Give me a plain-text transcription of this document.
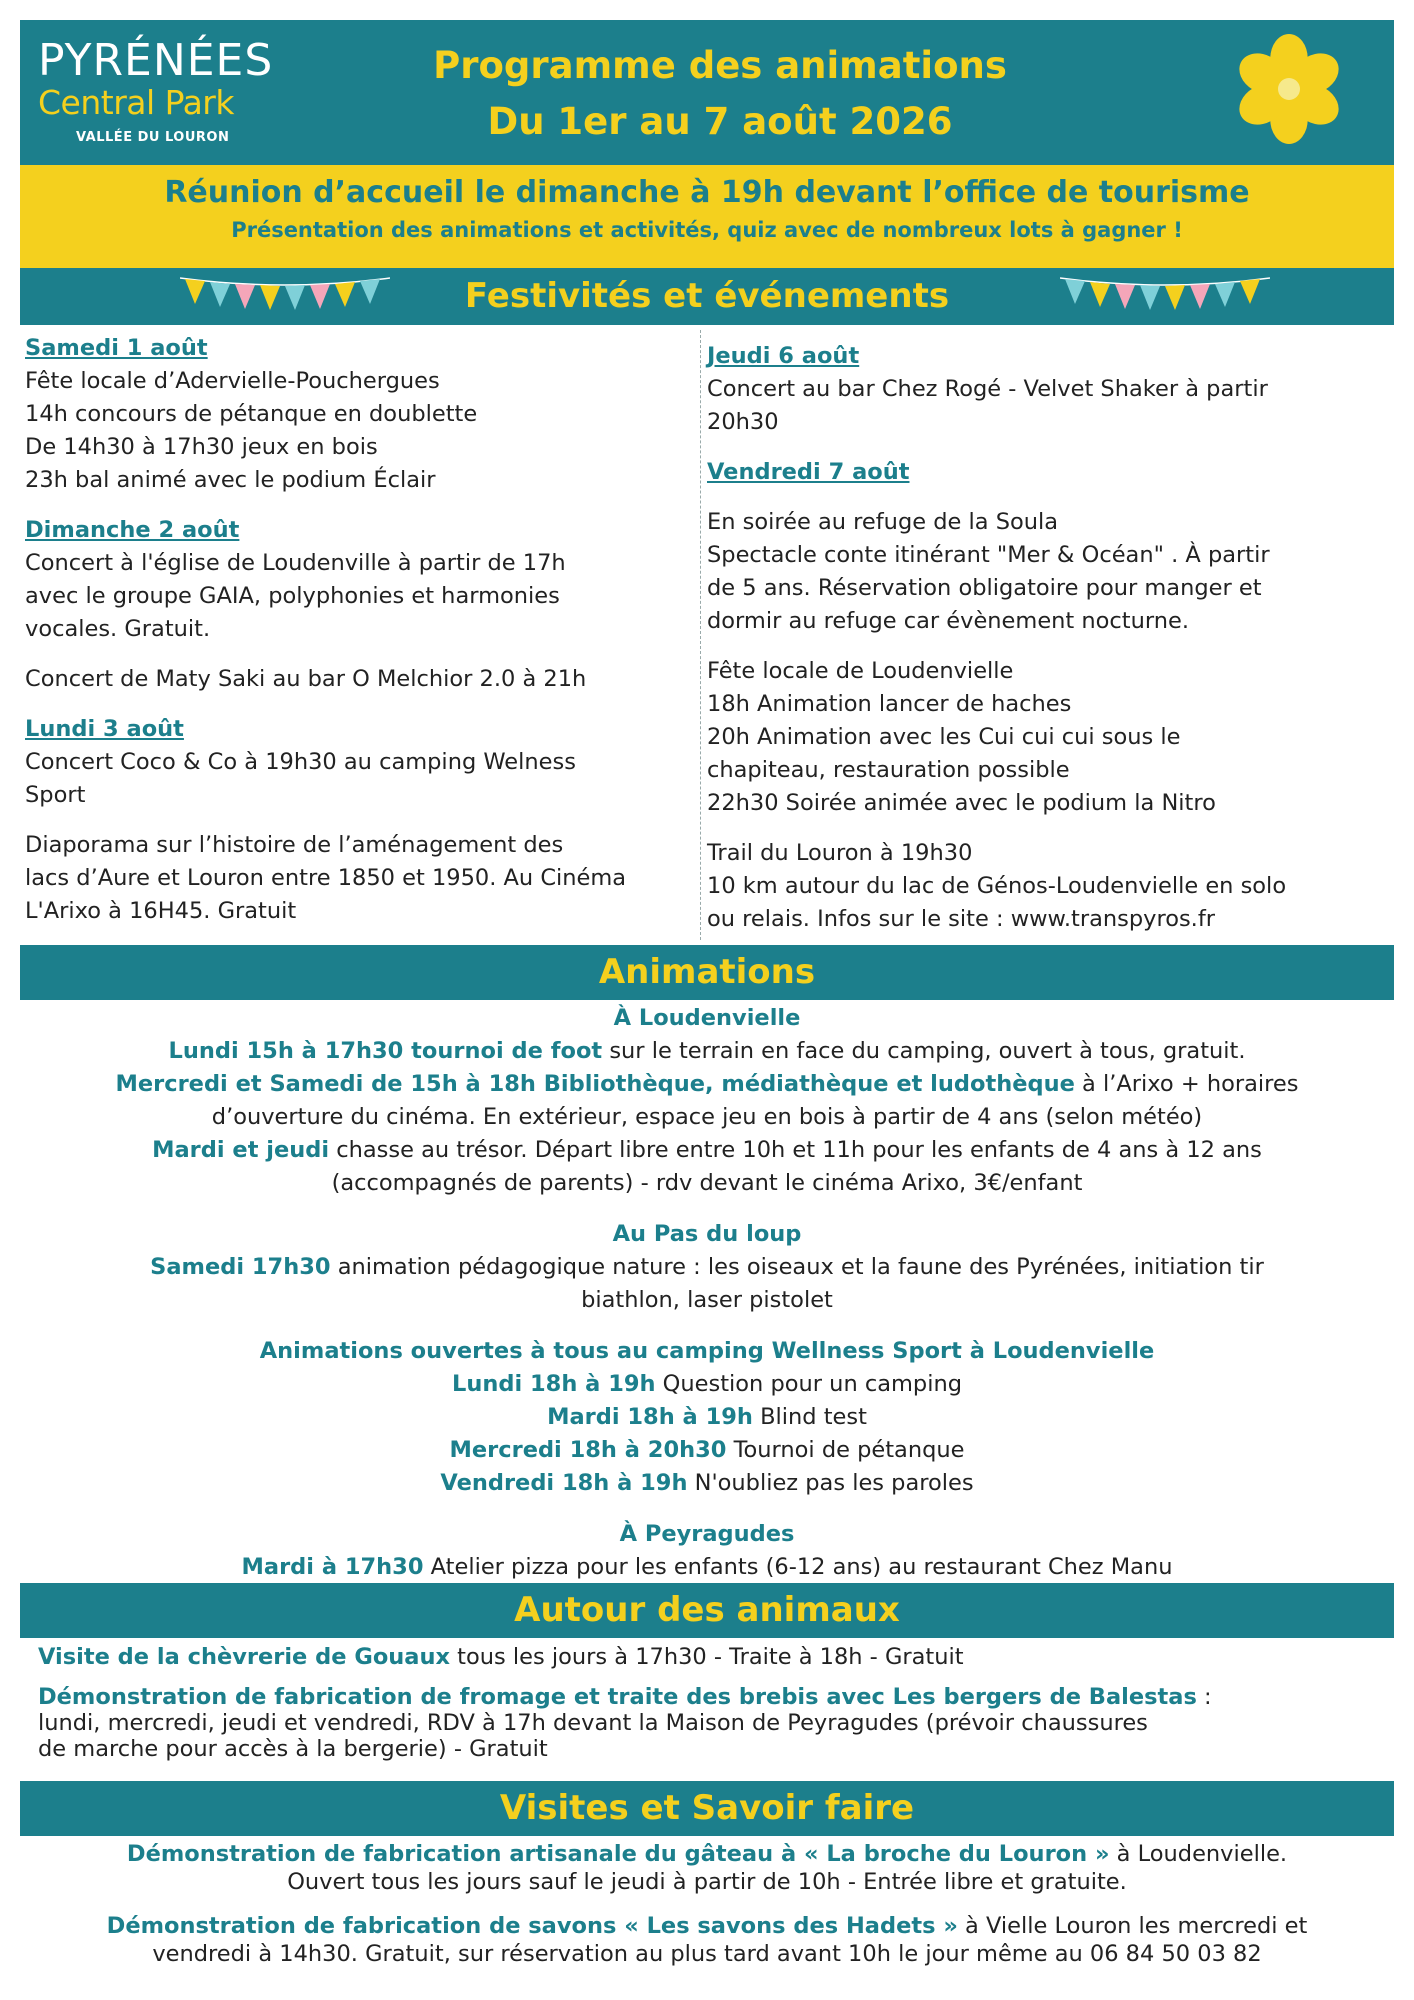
PYRÉNÉES
Central Park
VALLÉE DU LOURON
Programme des animations
Du 1er au 7 août 2026
Réunion d’accueil le dimanche à 19h devant l’office de tourisme
Présentation des animations et activités, quiz avec de nombreux lots à gagner !
Festivités et événements
Samedi 1 août
Fête locale d’Adervielle-Pouchergues
14h concours de pétanque en doublette
De 14h30 à 17h30 jeux en bois
23h bal animé avec le podium Éclair
Dimanche 2 août
Concert à l'église de Loudenville à partir de 17h
avec le groupe GAIA, polyphonies et harmonies
vocales. Gratuit.
Concert de Maty Saki au bar O Melchior 2.0 à 21h
Lundi 3 août
Concert Coco & Co à 19h30 au camping Welness
Sport
Diaporama sur l’histoire de l’aménagement des
lacs d’Aure et Louron entre 1850 et 1950. Au Cinéma
L'Arixo à 16H45. Gratuit
Jeudi 6 août
Concert au bar Chez Rogé - Velvet Shaker à partir
20h30
Vendredi 7 août
En soirée au refuge de la Soula
Spectacle conte itinérant "Mer & Océan" . À partir
de 5 ans. Réservation obligatoire pour manger et
dormir au refuge car évènement nocturne.
Fête locale de Loudenvielle
18h Animation lancer de haches
20h Animation avec les Cui cui cui sous le
chapiteau, restauration possible
22h30 Soirée animée avec le podium la Nitro
Trail du Louron à 19h30
10 km autour du lac de Génos-Loudenvielle en solo
ou relais. Infos sur le site : www.transpyros.fr
Animations
À Loudenvielle
Lundi 15h à 17h30 tournoi de foot sur le terrain en face du camping, ouvert à tous, gratuit.
Mercredi et Samedi de 15h à 18h Bibliothèque, médiathèque et ludothèque à l’Arixo + horaires
d’ouverture du cinéma. En extérieur, espace jeu en bois à partir de 4 ans (selon météo)
Mardi et jeudi chasse au trésor. Départ libre entre 10h et 11h pour les enfants de 4 ans à 12 ans
(accompagnés de parents) - rdv devant le cinéma Arixo, 3€/enfant
Au Pas du loup
Samedi 17h30 animation pédagogique nature : les oiseaux et la faune des Pyrénées, initiation tir
biathlon, laser pistolet
Animations ouvertes à tous au camping Wellness Sport à Loudenvielle
Lundi 18h à 19h Question pour un camping
Mardi 18h à 19h Blind test
Mercredi 18h à 20h30 Tournoi de pétanque
Vendredi 18h à 19h N'oubliez pas les paroles
À Peyragudes
Mardi à 17h30 Atelier pizza pour les enfants (6-12 ans) au restaurant Chez Manu
Autour des animaux
Visite de la chèvrerie de Gouaux tous les jours à 17h30 - Traite à 18h - Gratuit
Démonstration de fabrication de fromage et traite des brebis avec Les bergers de Balestas :
lundi, mercredi, jeudi et vendredi, RDV à 17h devant la Maison de Peyragudes (prévoir chaussures
de marche pour accès à la bergerie) - Gratuit
Visites et Savoir faire
Démonstration de fabrication artisanale du gâteau à « La broche du Louron » à Loudenvielle.
Ouvert tous les jours sauf le jeudi à partir de 10h - Entrée libre et gratuite.
Démonstration de fabrication de savons « Les savons des Hadets » à Vielle Louron les mercredi et
vendredi à 14h30. Gratuit, sur réservation au plus tard avant 10h le jour même au 06 84 50 03 82
